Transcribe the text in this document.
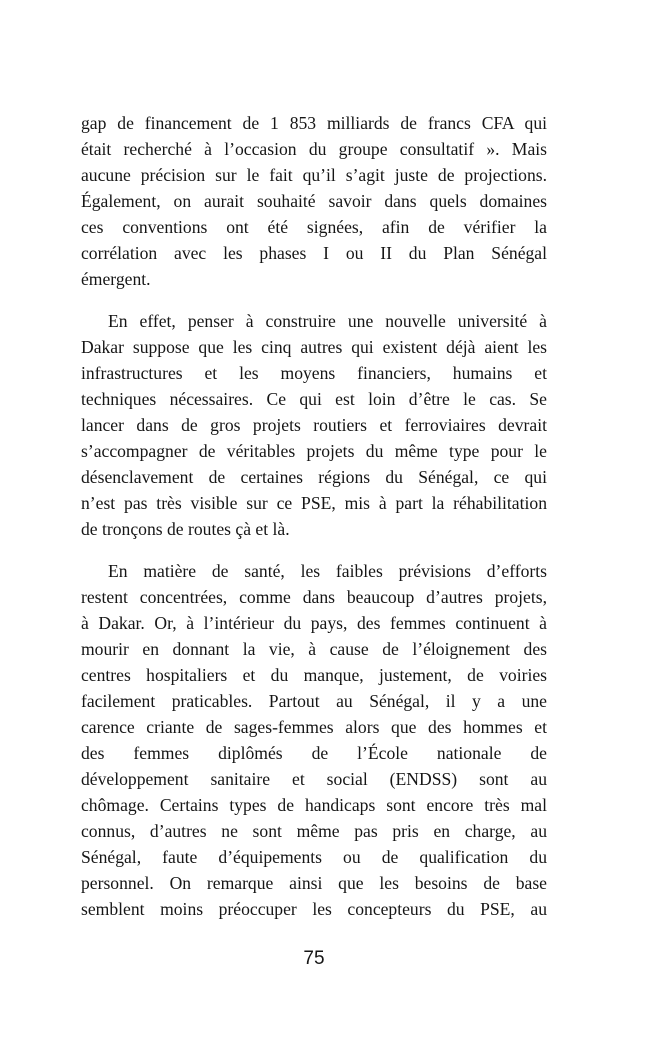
gap de financement de 1 853 milliards de francs CFA qui
était recherché à l’occasion du groupe consultatif ». Mais
aucune précision sur le fait qu’il s’agit juste de projections.
Également, on aurait souhaité savoir dans quels domaines
ces conventions ont été signées, afin de vérifier la
corrélation avec les phases I ou II du Plan Sénégal
émergent.
En effet, penser à construire une nouvelle université à
Dakar suppose que les cinq autres qui existent déjà aient les
infrastructures et les moyens financiers, humains et
techniques nécessaires. Ce qui est loin d’être le cas. Se
lancer dans de gros projets routiers et ferroviaires devrait
s’accompagner de véritables projets du même type pour le
désenclavement de certaines régions du Sénégal, ce qui
n’est pas très visible sur ce PSE, mis à part la réhabilitation
de tronçons de routes çà et là.
En matière de santé, les faibles prévisions d’efforts
restent concentrées, comme dans beaucoup d’autres projets,
à Dakar. Or, à l’intérieur du pays, des femmes continuent à
mourir en donnant la vie, à cause de l’éloignement des
centres hospitaliers et du manque, justement, de voiries
facilement praticables. Partout au Sénégal, il y a une
carence criante de sages-femmes alors que des hommes et
des femmes diplômés de l’École nationale de
développement sanitaire et social (ENDSS) sont au
chômage. Certains types de handicaps sont encore très mal
connus, d’autres ne sont même pas pris en charge, au
Sénégal, faute d’équipements ou de qualification du
personnel. On remarque ainsi que les besoins de base
semblent moins préoccuper les concepteurs du PSE, au
75
